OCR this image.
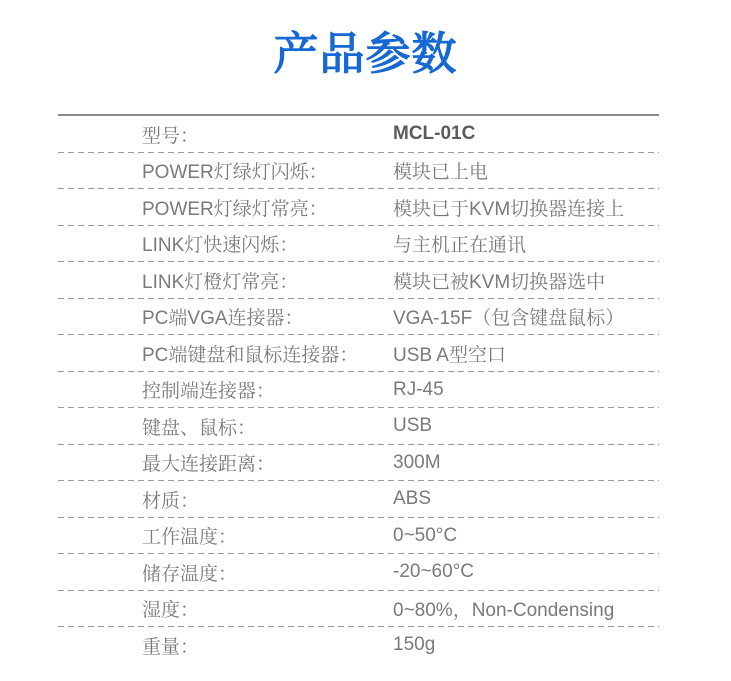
产品参数
型号：	MCL-01C
POWER灯绿灯闪烁：	模块已上电
POWER灯绿灯常亮：	模块已于KVM切换器连接上
LINK灯快速闪烁：	与主机正在通讯
LINK灯橙灯常亮：	模块已被KVM切换器选中
PC端VGA连接器：	VGA-15F（包含键盘鼠标）
PC端键盘和鼠标连接器：	USB A型空口
控制端连接器：	RJ-45
键盘、鼠标：	USB
最大连接距离：	300M
材质：	ABS
工作温度：	0~50°C
储存温度：	-20~60°C
湿度：	0~80%，Non-Condensing
重量：	150g
